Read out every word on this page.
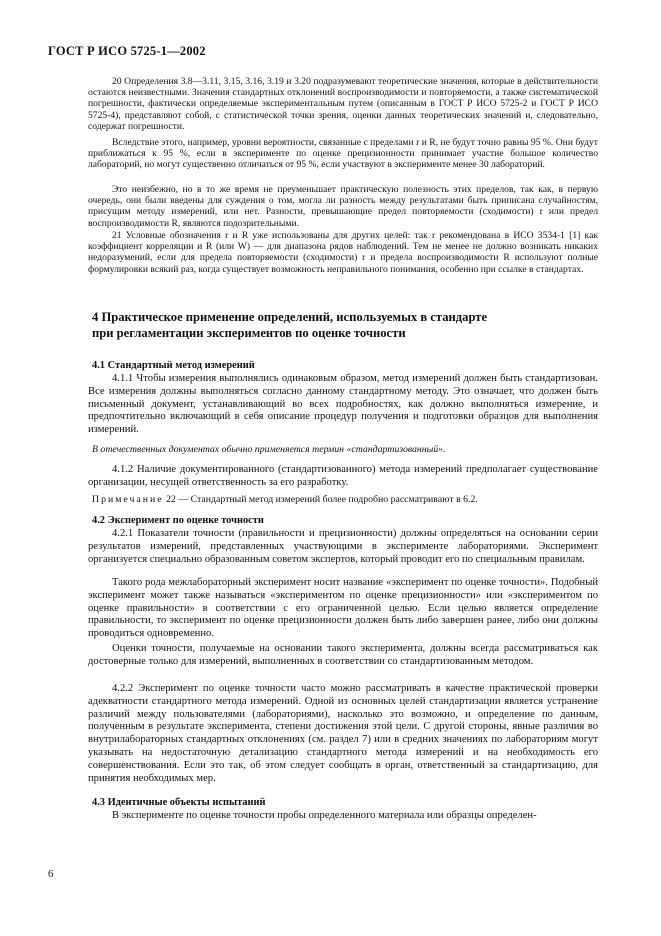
ГОСТ Р ИСО 5725-1—2002

20 Определения 3.8—3.11, 3.15, 3.16, 3.19 и 3.20 подразумевают теоретические значения, которые в действительности остаются неизвестными. Значения стандартных отклонений воспроизводимости и повторяемости, а также систематической погрешности, фактически определяемые экспериментальным путем (описанным в ГОСТ Р ИСО 5725-2 и ГОСТ Р ИСО 5725-4), представляют собой, с статистической точки зрения, оценки данных теоретических значений и, следовательно, содержат погрешности.

Вследствие этого, например, уровни вероятности, связанные с пределами r и R, не будут точно равны 95 %. Они будут приближаться к 95 %, если в эксперименте по оценке прецизионности принимает участие большое количество лабораторий, но могут существенно отличаться от 95 %, если участвуют в эксперименте менее 30 лабораторий.

Это неизбежно, но в то же время не преуменьшает практическую полезность этих пределов, так как, в первую очередь, они были введены для суждения о том, могла ли разность между результатами быть приписана случайностям, присущим методу измерений, или нет. Разности, превышающие предел повторяемости (сходимости) r или предел воспроизводимости R, являются подозрительными.

21 Условные обозначения r и R уже использованы для других целей: так r рекомендована в ИСО 3534-1 [1] как коэффициент корреляции и R (или W) — для диапазона рядов наблюдений. Тем не менее не должно возникать никаких недоразумений, если для предела повторяемости (сходимости) r и предела воспроизводимости R используют полные формулировки всякий раз, когда существует возможность неправильного понимания, особенно при ссылке в стандартах.

4 Практическое применение определений, используемых в стандарте
при регламентации экспериментов по оценке точности
4.1 Стандартный метод измерений

4.1.1 Чтобы измерения выполнялись одинаковым образом, метод измерений должен быть стандартизован. Все измерения должны выполняться согласно данному стандартному методу. Это означает, что должен быть письменный документ, устанавливающий во всех подробностях, как должно выполняться измерение, и предпочтительно включающий в себя описание процедур получения и подготовки образцов для выполнения измерений.

В отечественных документах обычно применяется термин «стандартизованный».

4.1.2 Наличие документированного (стандартизованного) метода измерений предполагает существование организации, несущей ответственность за его разработку.

Примечание 22 — Стандартный метод измерений более подробно рассматривают в 6.2.
4.2 Эксперимент по оценке точности

4.2.1 Показатели точности (правильности и прецизионности) должны определяться на основании серии результатов измерений, представленных участвующими в эксперименте лабораториями. Эксперимент организуется специально образованным советом экспертов, который проводит его по специальным правилам.

Такого рода межлабораторный эксперимент носит название «эксперимент по оценке точности». Подобный эксперимент может также называться «экспериментом по оценке прецизионности» или «экспериментом по оценке правильности» в соответствии с его ограниченной целью. Если целью является определение правильности, то эксперимент по оценке прецизионности должен быть либо завершен ранее, либо они должны проводиться одновременно.

Оценки точности, получаемые на основании такого эксперимента, должны всегда рассматриваться как достоверные только для измерений, выполненных в соответствии со стандартизованным методом.

4.2.2 Эксперимент по оценке точности часто можно рассматривать в качестве практической проверки адекватности стандартного метода измерений. Одной из основных целей стандартизации является устранение различий между пользователями (лабораториями), насколько это возможно, и определение по данным, полученным в результате эксперимента, степени достижения этой цели. С другой стороны, явные различия во внутрилабораторных стандартных отклонениях (см. раздел 7) или в средних значениях по лабораториям могут указывать на недостаточную детализацию стандартного метода измерений и на необходимость его совершенствования. Если это так, об этом следует сообщать в орган, ответственный за стандартизацию, для принятия необходимых мер.

4.3 Идентичные объекты испытаний

В эксперименте по оценке точности пробы определенного материала или образцы определен-

6
